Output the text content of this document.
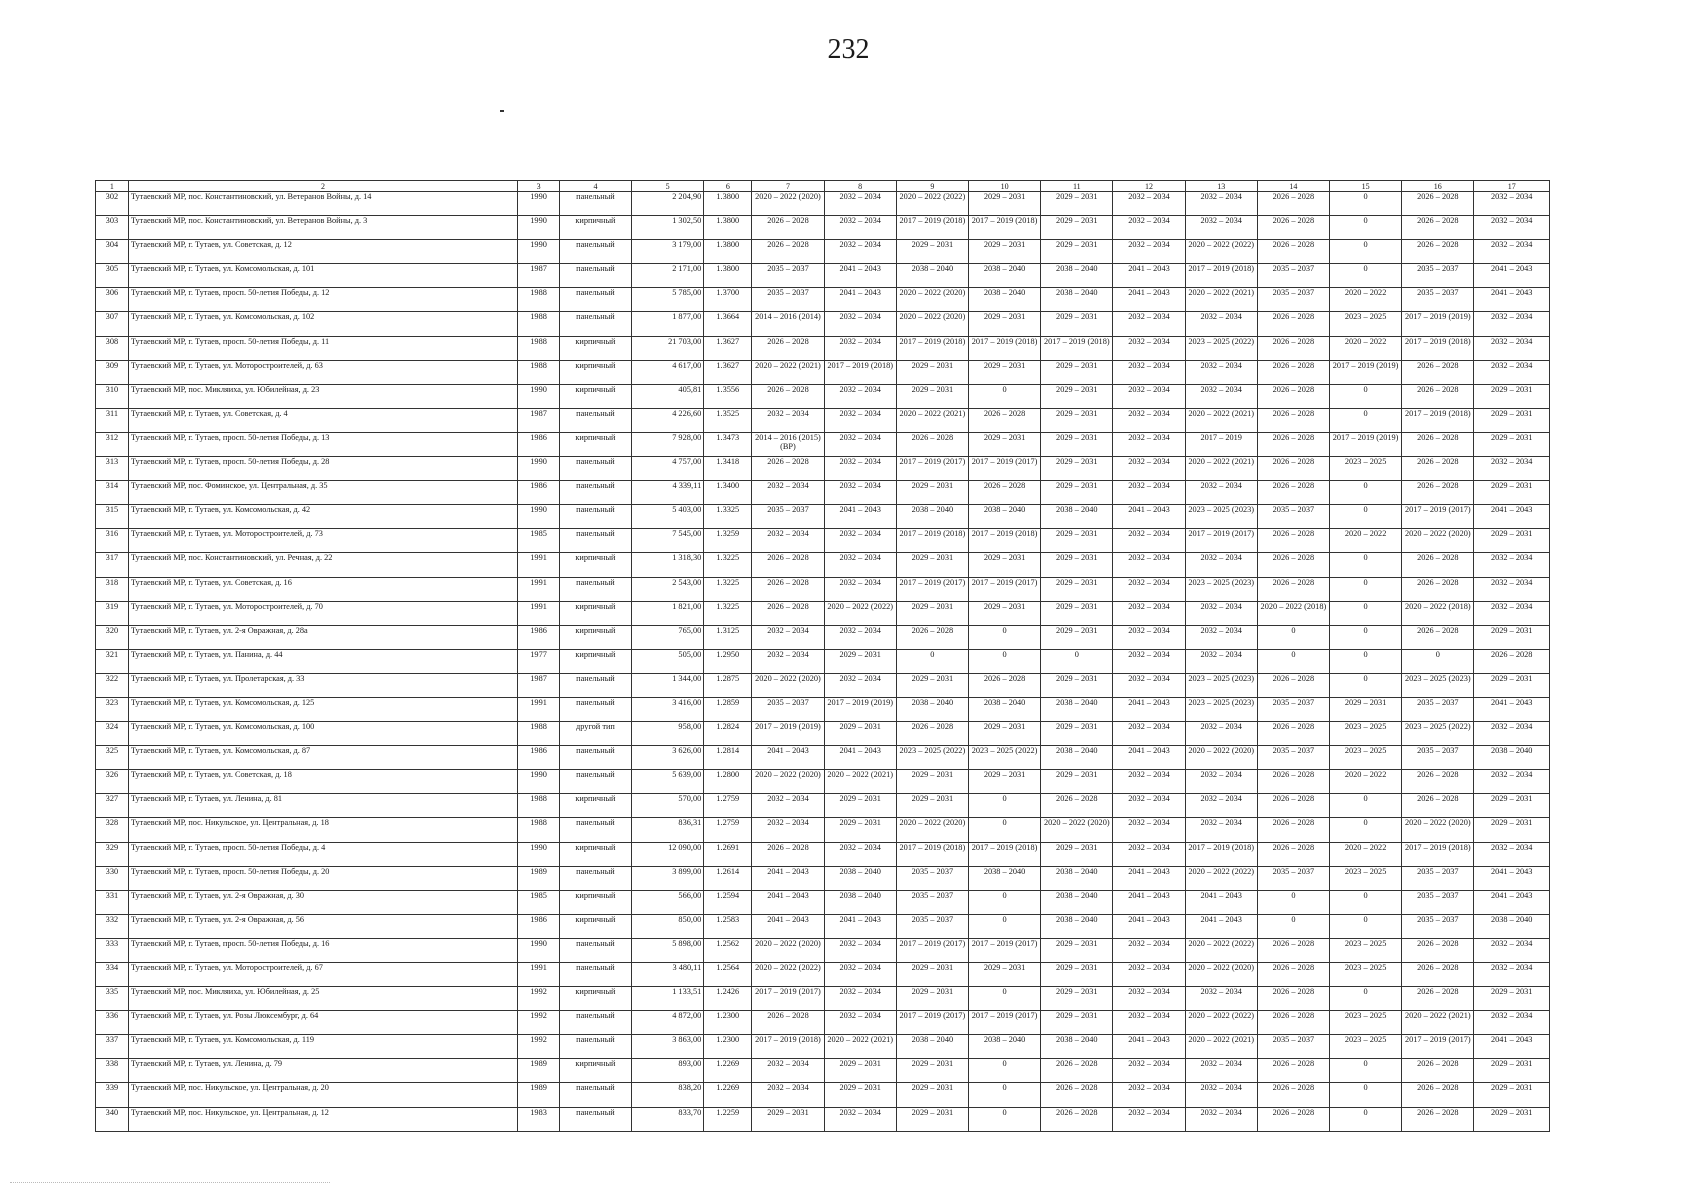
232
1	2	3	4	5	6	7	8	9	10	11	12	13	14	15	16	17
302	Тутаевский МР, пос. Константиновский, ул. Ветеранов Войны, д. 14	1990	панельный	2 204,90	1.3800	2020 – 2022 (2020)	2032 – 2034	2020 – 2022 (2022)	2029 – 2031	2029 – 2031	2032 – 2034	2032 – 2034	2026 – 2028	0	2026 – 2028	2032 – 2034
303	Тутаевский МР, пос. Константиновский, ул. Ветеранов Войны, д. 3	1990	кирпичный	1 302,50	1.3800	2026 – 2028	2032 – 2034	2017 – 2019 (2018)	2017 – 2019 (2018)	2029 – 2031	2032 – 2034	2032 – 2034	2026 – 2028	0	2026 – 2028	2032 – 2034
304	Тутаевский МР, г. Тутаев, ул. Советская, д. 12	1990	панельный	3 179,00	1.3800	2026 – 2028	2032 – 2034	2029 – 2031	2029 – 2031	2029 – 2031	2032 – 2034	2020 – 2022 (2022)	2026 – 2028	0	2026 – 2028	2032 – 2034
305	Тутаевский МР, г. Тутаев, ул. Комсомольская, д. 101	1987	панельный	2 171,00	1.3800	2035 – 2037	2041 – 2043	2038 – 2040	2038 – 2040	2038 – 2040	2041 – 2043	2017 – 2019 (2018)	2035 – 2037	0	2035 – 2037	2041 – 2043
306	Тутаевский МР, г. Тутаев, просп. 50-летия Победы, д. 12	1988	панельный	5 785,00	1.3700	2035 – 2037	2041 – 2043	2020 – 2022 (2020)	2038 – 2040	2038 – 2040	2041 – 2043	2020 – 2022 (2021)	2035 – 2037	2020 – 2022	2035 – 2037	2041 – 2043
307	Тутаевский МР, г. Тутаев, ул. Комсомольская, д. 102	1988	панельный	1 877,00	1.3664	2014 – 2016 (2014)	2032 – 2034	2020 – 2022 (2020)	2029 – 2031	2029 – 2031	2032 – 2034	2032 – 2034	2026 – 2028	2023 – 2025	2017 – 2019 (2019)	2032 – 2034
308	Тутаевский МР, г. Тутаев, просп. 50-летия Победы, д. 11	1988	кирпичный	21 703,00	1.3627	2026 – 2028	2032 – 2034	2017 – 2019 (2018)	2017 – 2019 (2018)	2017 – 2019 (2018)	2032 – 2034	2023 – 2025 (2022)	2026 – 2028	2020 – 2022	2017 – 2019 (2018)	2032 – 2034
309	Тутаевский МР, г. Тутаев, ул. Моторостроителей, д. 63	1988	кирпичный	4 617,00	1.3627	2020 – 2022 (2021)	2017 – 2019 (2018)	2029 – 2031	2029 – 2031	2029 – 2031	2032 – 2034	2032 – 2034	2026 – 2028	2017 – 2019 (2019)	2026 – 2028	2032 – 2034
310	Тутаевский МР, пос. Микляиха, ул. Юбилейная, д. 23	1990	кирпичный	405,81	1.3556	2026 – 2028	2032 – 2034	2029 – 2031	0	2029 – 2031	2032 – 2034	2032 – 2034	2026 – 2028	0	2026 – 2028	2029 – 2031
311	Тутаевский МР, г. Тутаев, ул. Советская, д. 4	1987	панельный	4 226,60	1.3525	2032 – 2034	2032 – 2034	2020 – 2022 (2021)	2026 – 2028	2029 – 2031	2032 – 2034	2020 – 2022 (2021)	2026 – 2028	0	2017 – 2019 (2018)	2029 – 2031
312	Тутаевский МР, г. Тутаев, просп. 50-летия Победы, д. 13	1986	кирпичный	7 928,00	1.3473	2014 – 2016 (2015) (ВР)	2032 – 2034	2026 – 2028	2029 – 2031	2029 – 2031	2032 – 2034	2017 – 2019	2026 – 2028	2017 – 2019 (2019)	2026 – 2028	2029 – 2031
313	Тутаевский МР, г. Тутаев, просп. 50-летия Победы, д. 28	1990	панельный	4 757,00	1.3418	2026 – 2028	2032 – 2034	2017 – 2019 (2017)	2017 – 2019 (2017)	2029 – 2031	2032 – 2034	2020 – 2022 (2021)	2026 – 2028	2023 – 2025	2026 – 2028	2032 – 2034
314	Тутаевский МР, пос. Фоминское, ул. Центральная, д. 35	1986	панельный	4 339,11	1.3400	2032 – 2034	2032 – 2034	2029 – 2031	2026 – 2028	2029 – 2031	2032 – 2034	2032 – 2034	2026 – 2028	0	2026 – 2028	2029 – 2031
315	Тутаевский МР, г. Тутаев, ул. Комсомольская, д. 42	1990	панельный	5 403,00	1.3325	2035 – 2037	2041 – 2043	2038 – 2040	2038 – 2040	2038 – 2040	2041 – 2043	2023 – 2025 (2023)	2035 – 2037	0	2017 – 2019 (2017)	2041 – 2043
316	Тутаевский МР, г. Тутаев, ул. Моторостроителей, д. 73	1985	панельный	7 545,00	1.3259	2032 – 2034	2032 – 2034	2017 – 2019 (2018)	2017 – 2019 (2018)	2029 – 2031	2032 – 2034	2017 – 2019 (2017)	2026 – 2028	2020 – 2022	2020 – 2022 (2020)	2029 – 2031
317	Тутаевский МР, пос. Константиновский, ул. Речная, д. 22	1991	кирпичный	1 318,30	1.3225	2026 – 2028	2032 – 2034	2029 – 2031	2029 – 2031	2029 – 2031	2032 – 2034	2032 – 2034	2026 – 2028	0	2026 – 2028	2032 – 2034
318	Тутаевский МР, г. Тутаев, ул. Советская, д. 16	1991	панельный	2 543,00	1.3225	2026 – 2028	2032 – 2034	2017 – 2019 (2017)	2017 – 2019 (2017)	2029 – 2031	2032 – 2034	2023 – 2025 (2023)	2026 – 2028	0	2026 – 2028	2032 – 2034
319	Тутаевский МР, г. Тутаев, ул. Моторостроителей, д. 70	1991	кирпичный	1 821,00	1.3225	2026 – 2028	2020 – 2022 (2022)	2029 – 2031	2029 – 2031	2029 – 2031	2032 – 2034	2032 – 2034	2020 – 2022 (2018)	0	2020 – 2022 (2018)	2032 – 2034
320	Тутаевский МР, г. Тутаев, ул. 2-я Овражная, д. 28а	1986	кирпичный	765,00	1.3125	2032 – 2034	2032 – 2034	2026 – 2028	0	2029 – 2031	2032 – 2034	2032 – 2034	0	0	2026 – 2028	2029 – 2031
321	Тутаевский МР, г. Тутаев, ул. Панина, д. 44	1977	кирпичный	505,00	1.2950	2032 – 2034	2029 – 2031	0	0	0	2032 – 2034	2032 – 2034	0	0	0	2026 – 2028
322	Тутаевский МР, г. Тутаев, ул. Пролетарская, д. 33	1987	панельный	1 344,00	1.2875	2020 – 2022 (2020)	2032 – 2034	2029 – 2031	2026 – 2028	2029 – 2031	2032 – 2034	2023 – 2025 (2023)	2026 – 2028	0	2023 – 2025 (2023)	2029 – 2031
323	Тутаевский МР, г. Тутаев, ул. Комсомольская, д. 125	1991	панельный	3 416,00	1.2859	2035 – 2037	2017 – 2019 (2019)	2038 – 2040	2038 – 2040	2038 – 2040	2041 – 2043	2023 – 2025 (2023)	2035 – 2037	2029 – 2031	2035 – 2037	2041 – 2043
324	Тутаевский МР, г. Тутаев, ул. Комсомольская, д. 100	1988	другой тип	958,00	1.2824	2017 – 2019 (2019)	2029 – 2031	2026 – 2028	2029 – 2031	2029 – 2031	2032 – 2034	2032 – 2034	2026 – 2028	2023 – 2025	2023 – 2025 (2022)	2032 – 2034
325	Тутаевский МР, г. Тутаев, ул. Комсомольская, д. 87	1986	панельный	3 626,00	1.2814	2041 – 2043	2041 – 2043	2023 – 2025 (2022)	2023 – 2025 (2022)	2038 – 2040	2041 – 2043	2020 – 2022 (2020)	2035 – 2037	2023 – 2025	2035 – 2037	2038 – 2040
326	Тутаевский МР, г. Тутаев, ул. Советская, д. 18	1990	панельный	5 639,00	1.2800	2020 – 2022 (2020)	2020 – 2022 (2021)	2029 – 2031	2029 – 2031	2029 – 2031	2032 – 2034	2032 – 2034	2026 – 2028	2020 – 2022	2026 – 2028	2032 – 2034
327	Тутаевский МР, г. Тутаев, ул. Ленина, д. 81	1988	кирпичный	570,00	1.2759	2032 – 2034	2029 – 2031	2029 – 2031	0	2026 – 2028	2032 – 2034	2032 – 2034	2026 – 2028	0	2026 – 2028	2029 – 2031
328	Тутаевский МР, пос. Никульское, ул. Центральная, д. 18	1988	панельный	836,31	1.2759	2032 – 2034	2029 – 2031	2020 – 2022 (2020)	0	2020 – 2022 (2020)	2032 – 2034	2032 – 2034	2026 – 2028	0	2020 – 2022 (2020)	2029 – 2031
329	Тутаевский МР, г. Тутаев, просп. 50-летия Победы, д. 4	1990	кирпичный	12 090,00	1.2691	2026 – 2028	2032 – 2034	2017 – 2019 (2018)	2017 – 2019 (2018)	2029 – 2031	2032 – 2034	2017 – 2019 (2018)	2026 – 2028	2020 – 2022	2017 – 2019 (2018)	2032 – 2034
330	Тутаевский МР, г. Тутаев, просп. 50-летия Победы, д. 20	1989	панельный	3 899,00	1.2614	2041 – 2043	2038 – 2040	2035 – 2037	2038 – 2040	2038 – 2040	2041 – 2043	2020 – 2022 (2022)	2035 – 2037	2023 – 2025	2035 – 2037	2041 – 2043
331	Тутаевский МР, г. Тутаев, ул. 2-я Овражная, д. 30	1985	кирпичный	566,00	1.2594	2041 – 2043	2038 – 2040	2035 – 2037	0	2038 – 2040	2041 – 2043	2041 – 2043	0	0	2035 – 2037	2041 – 2043
332	Тутаевский МР, г. Тутаев, ул. 2-я Овражная, д. 56	1986	кирпичный	850,00	1.2583	2041 – 2043	2041 – 2043	2035 – 2037	0	2038 – 2040	2041 – 2043	2041 – 2043	0	0	2035 – 2037	2038 – 2040
333	Тутаевский МР, г. Тутаев, просп. 50-летия Победы, д. 16	1990	панельный	5 898,00	1.2562	2020 – 2022 (2020)	2032 – 2034	2017 – 2019 (2017)	2017 – 2019 (2017)	2029 – 2031	2032 – 2034	2020 – 2022 (2022)	2026 – 2028	2023 – 2025	2026 – 2028	2032 – 2034
334	Тутаевский МР, г. Тутаев, ул. Моторостроителей, д. 67	1991	панельный	3 480,11	1.2564	2020 – 2022 (2022)	2032 – 2034	2029 – 2031	2029 – 2031	2029 – 2031	2032 – 2034	2020 – 2022 (2020)	2026 – 2028	2023 – 2025	2026 – 2028	2032 – 2034
335	Тутаевский МР, пос. Микляиха, ул. Юбилейная, д. 25	1992	кирпичный	1 133,51	1.2426	2017 – 2019 (2017)	2032 – 2034	2029 – 2031	0	2029 – 2031	2032 – 2034	2032 – 2034	2026 – 2028	0	2026 – 2028	2029 – 2031
336	Тутаевский МР, г. Тутаев, ул. Розы Люксембург, д. 64	1992	панельный	4 872,00	1.2300	2026 – 2028	2032 – 2034	2017 – 2019 (2017)	2017 – 2019 (2017)	2029 – 2031	2032 – 2034	2020 – 2022 (2022)	2026 – 2028	2023 – 2025	2020 – 2022 (2021)	2032 – 2034
337	Тутаевский МР, г. Тутаев, ул. Комсомольская, д. 119	1992	панельный	3 863,00	1.2300	2017 – 2019 (2018)	2020 – 2022 (2021)	2038 – 2040	2038 – 2040	2038 – 2040	2041 – 2043	2020 – 2022 (2021)	2035 – 2037	2023 – 2025	2017 – 2019 (2017)	2041 – 2043
338	Тутаевский МР, г. Тутаев, ул. Ленина, д. 79	1989	кирпичный	893,00	1.2269	2032 – 2034	2029 – 2031	2029 – 2031	0	2026 – 2028	2032 – 2034	2032 – 2034	2026 – 2028	0	2026 – 2028	2029 – 2031
339	Тутаевский МР, пос. Никульское, ул. Центральная, д. 20	1989	панельный	838,20	1.2269	2032 – 2034	2029 – 2031	2029 – 2031	0	2026 – 2028	2032 – 2034	2032 – 2034	2026 – 2028	0	2026 – 2028	2029 – 2031
340	Тутаевский МР, пос. Никульское, ул. Центральная, д. 12	1983	панельный	833,70	1.2259	2029 – 2031	2032 – 2034	2029 – 2031	0	2026 – 2028	2032 – 2034	2032 – 2034	2026 – 2028	0	2026 – 2028	2029 – 2031
